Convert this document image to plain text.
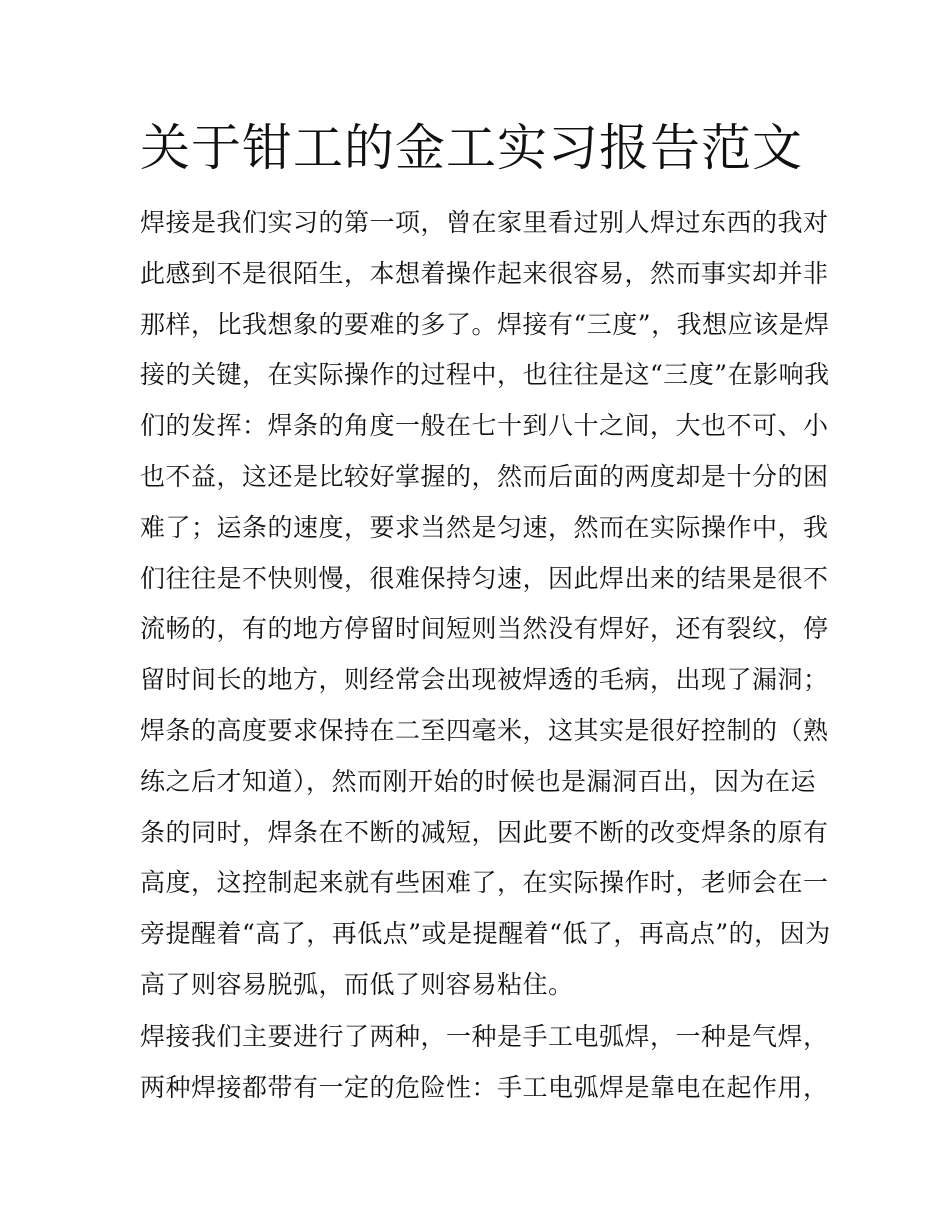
关于钳工的金工实习报告范文

焊接是我们实习的第一项，曾在家里看过别人焊过东西的我对
此感到不是很陌生，本想着操作起来很容易，然而事实却并非
那样，比我想象的要难的多了。焊接有“三度”，我想应该是焊
接的关键，在实际操作的过程中，也往往是这“三度”在影响我
们的发挥：焊条的角度一般在七十到八十之间，大也不可、小
也不益，这还是比较好掌握的，然而后面的两度却是十分的困
难了；运条的速度，要求当然是匀速，然而在实际操作中，我
们往往是不快则慢，很难保持匀速，因此焊出来的结果是很不
流畅的，有的地方停留时间短则当然没有焊好，还有裂纹，停
留时间长的地方，则经常会出现被焊透的毛病，出现了漏洞；
焊条的高度要求保持在二至四毫米，这其实是很好控制的（熟
练之后才知道），然而刚开始的时候也是漏洞百出，因为在运
条的同时，焊条在不断的减短，因此要不断的改变焊条的原有
高度，这控制起来就有些困难了，在实际操作时，老师会在一
旁提醒着“高了，再低点”或是提醒着“低了，再高点”的，因为
高了则容易脱弧，而低了则容易粘住。

焊接我们主要进行了两种，一种是手工电弧焊，一种是气焊，
两种焊接都带有一定的危险性：手工电弧焊是靠电在起作用，
